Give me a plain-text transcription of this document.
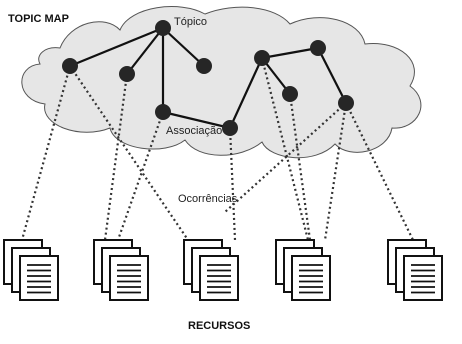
TOPIC MAP	Tópico
Associação
Ocorrências
RECURSOS
